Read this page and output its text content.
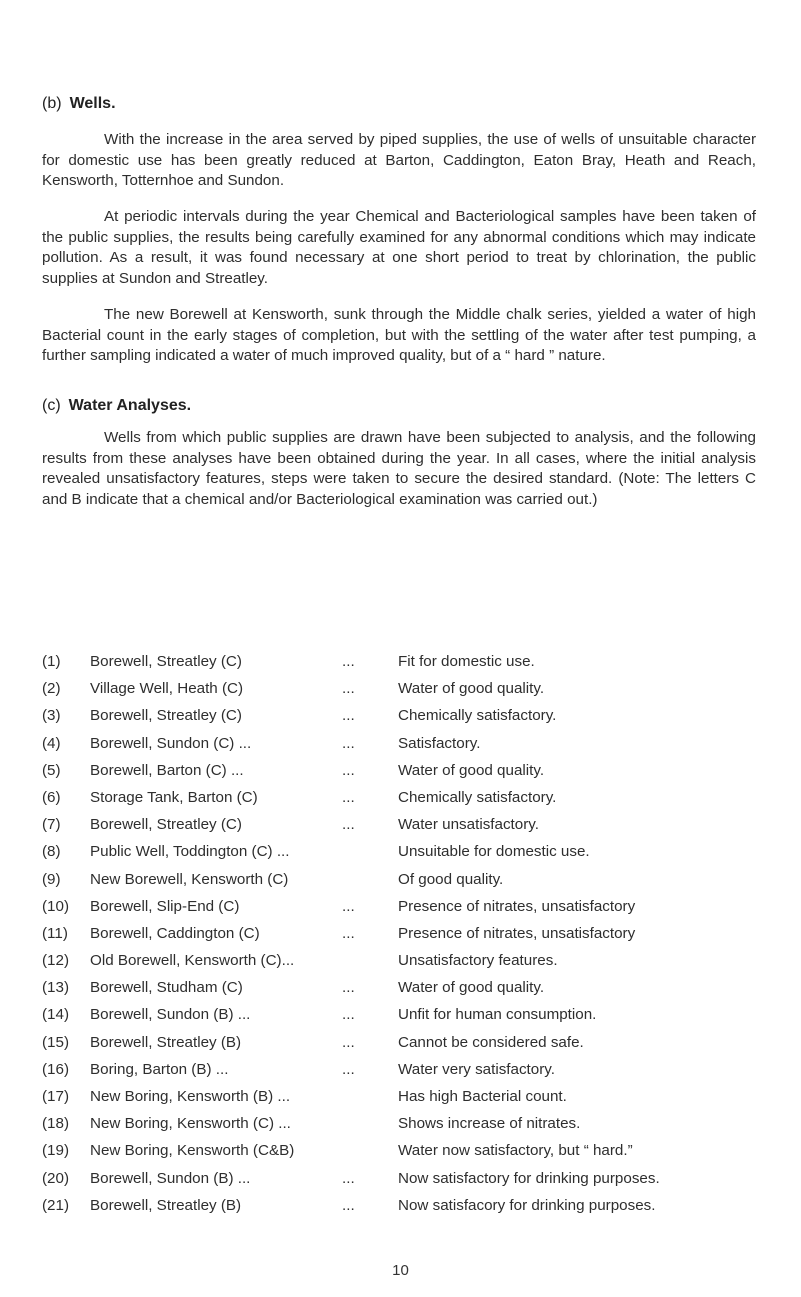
(b) Wells.

With the increase in the area served by piped supplies, the use of wells of unsuitable character for domestic use has been greatly reduced at Barton, Caddington, Eaton Bray, Heath and Reach, Kensworth, Totternhoe and Sundon.

At periodic intervals during the year Chemical and Bacteriological samples have been taken of the public supplies, the results being carefully examined for any abnormal conditions which may indicate pollution. As a result, it was found necessary at one short period to treat by chlorination, the public supplies at Sundon and Streatley.

The new Borewell at Kensworth, sunk through the Middle chalk series, yielded a water of high Bacterial count in the early stages of completion, but with the settling of the water after test pumping, a further sampling indicated a water of much improved quality, but of a “ hard ” nature.

(c) Water Analyses.

Wells from which public supplies are drawn have been subjected to analysis, and the following results from these analyses have been obtained during the year. In all cases, where the initial analysis revealed unsatisfactory features, steps were taken to secure the desired standard. (Note: The letters C and B indicate that a chemical and/or Bacteriological examination was carried out.)

(1)	Borewell, Streatley (C)	...	Fit for domestic use.
(2)	Village Well, Heath (C)	...	Water of good quality.
(3)	Borewell, Streatley (C)	...	Chemically satisfactory.
(4)	Borewell, Sundon (C) ...	...	Satisfactory.
(5)	Borewell, Barton (C) ...	...	Water of good quality.
(6)	Storage Tank, Barton (C)	...	Chemically satisfactory.
(7)	Borewell, Streatley (C)	...	Water unsatisfactory.
(8)	Public Well, Toddington (C) ...	Unsuitable for domestic use.
(9)	New Borewell, Kensworth (C)	Of good quality.
(10)	Borewell, Slip-End (C)	...	Presence of nitrates, unsatisfactory
(11)	Borewell, Caddington (C)	...	Presence of nitrates, unsatisfactory
(12)	Old Borewell, Kensworth (C)...	Unsatisfactory features.
(13)	Borewell, Studham (C)	...	Water of good quality.
(14)	Borewell, Sundon (B) ...	...	Unfit for human consumption.
(15)	Borewell, Streatley (B)	...	Cannot be considered safe.
(16)	Boring, Barton (B) ...	...	Water very satisfactory.
(17)	New Boring, Kensworth (B) ...	Has high Bacterial count.
(18)	New Boring, Kensworth (C) ...	Shows increase of nitrates.
(19)	New Boring, Kensworth (C&B)	Water now satisfactory, but “ hard.”
(20)	Borewell, Sundon (B) ...	...	Now satisfactory for drinking purposes.
(21)	Borewell, Streatley (B)	...	Now satisfacory for drinking purposes.
10
